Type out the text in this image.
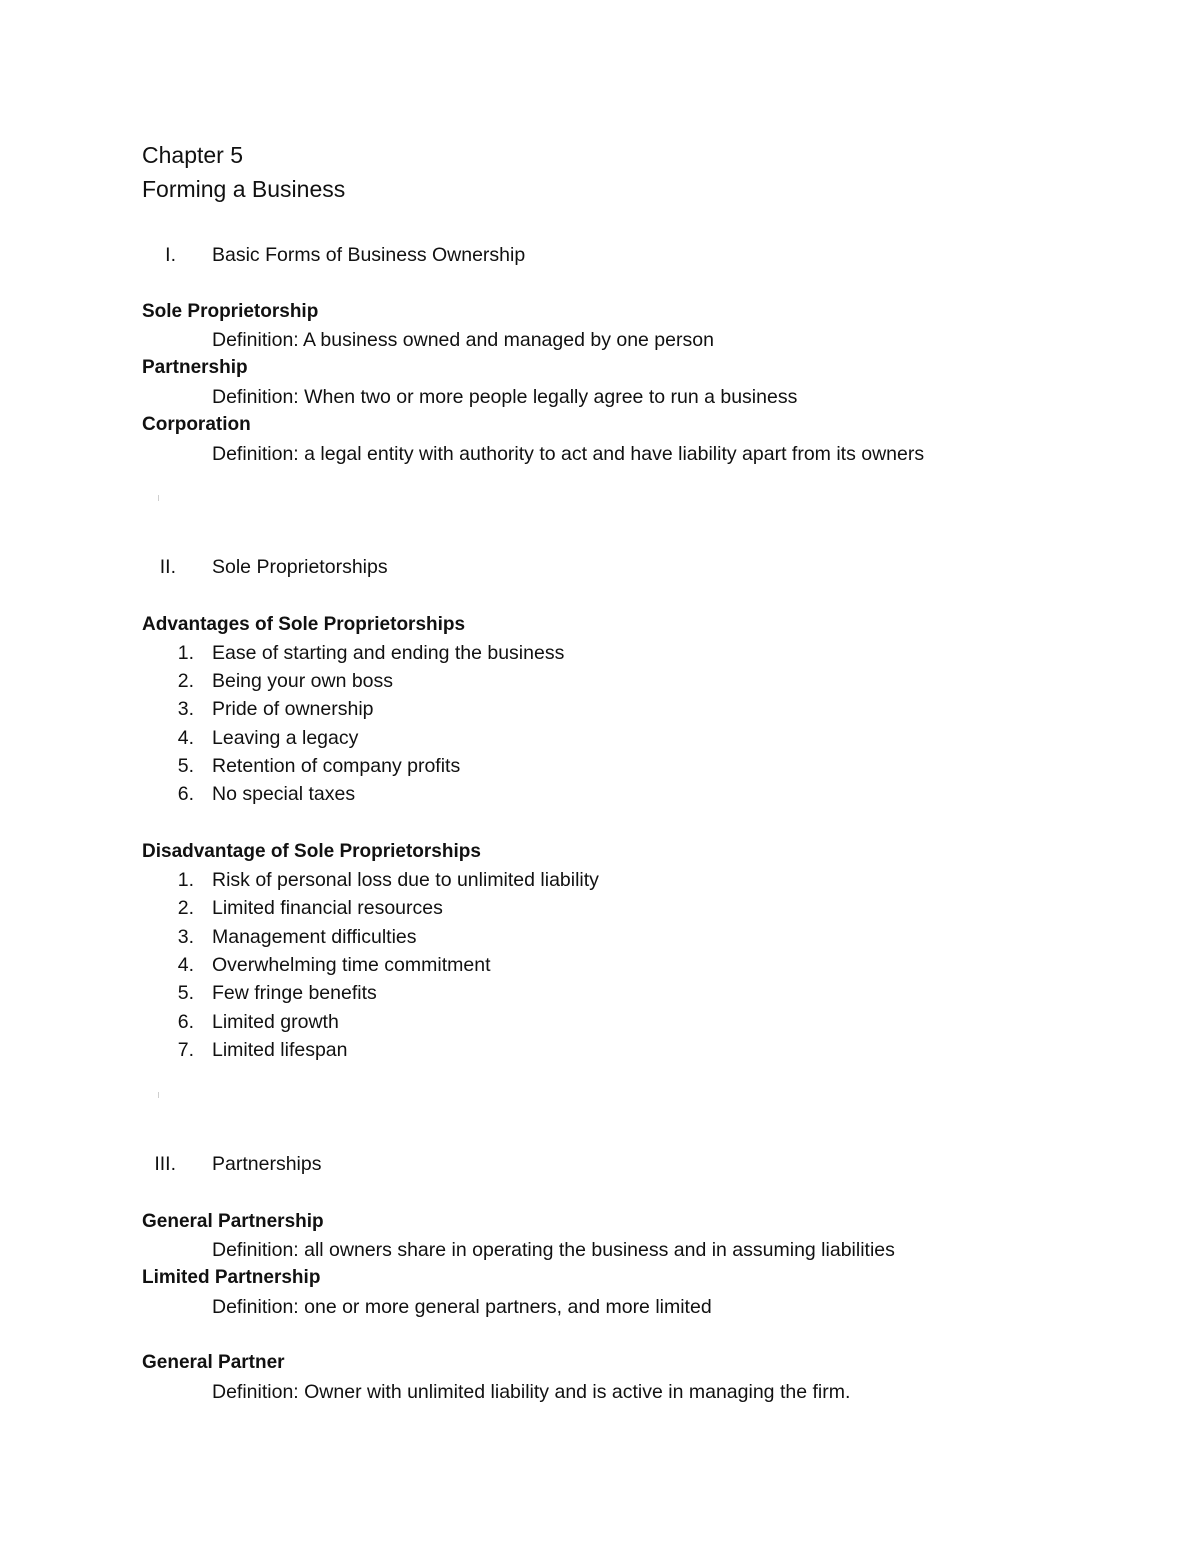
Chapter 5
Forming a Business
I. Basic Forms of Business Ownership
Sole Proprietorship
Definition: A business owned and managed by one person
Partnership
Definition: When two or more people legally agree to run a business
Corporation
Definition: a legal entity with authority to act and have liability apart from its owners
II. Sole Proprietorships
Advantages of Sole Proprietorships
1. Ease of starting and ending the business
2. Being your own boss
3. Pride of ownership
4. Leaving a legacy
5. Retention of company profits
6. No special taxes
Disadvantage of Sole Proprietorships
1. Risk of personal loss due to unlimited liability
2. Limited financial resources
3. Management difficulties
4. Overwhelming time commitment
5. Few fringe benefits
6. Limited growth
7. Limited lifespan
III. Partnerships
General Partnership
Definition: all owners share in operating the business and in assuming liabilities
Limited Partnership
Definition: one or more general partners, and more limited
General Partner
Definition: Owner with unlimited liability and is active in managing the firm.
